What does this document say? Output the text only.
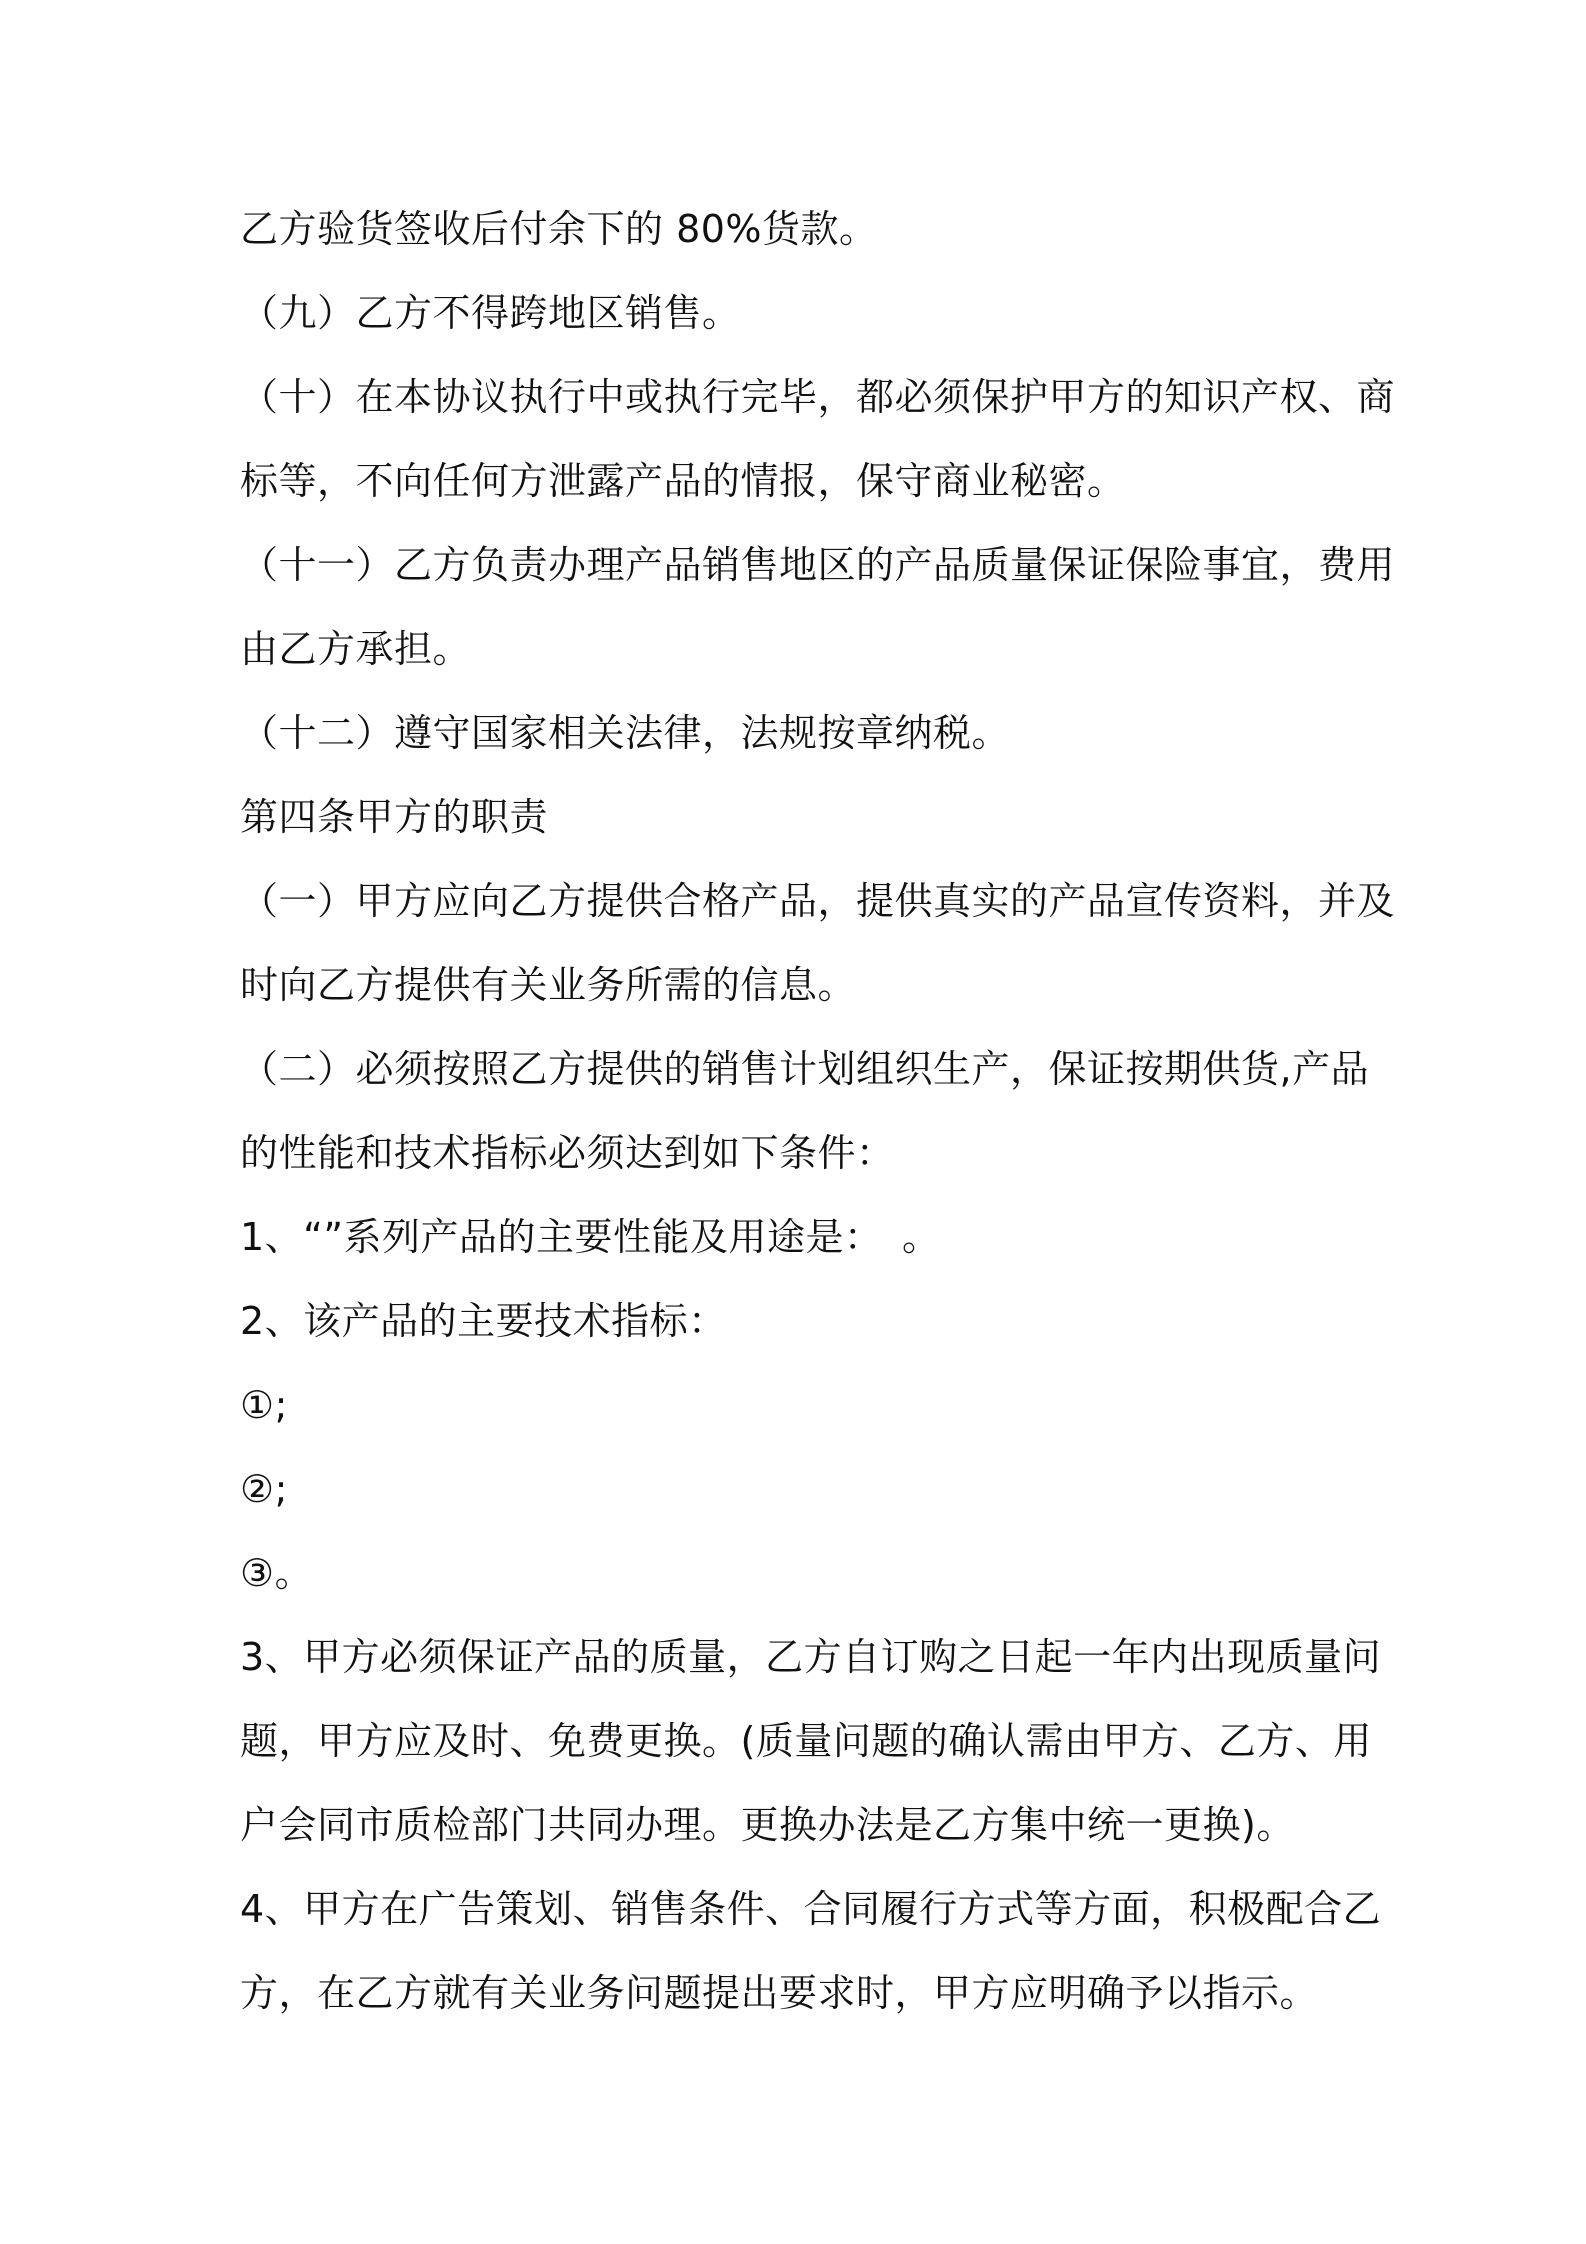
乙方验货签收后付余下的 80%货款。
（九）乙方不得跨地区销售。
（十）在本协议执行中或执行完毕，都必须保护甲方的知识产权、商
标等，不向任何方泄露产品的情报，保守商业秘密。
（十一）乙方负责办理产品销售地区的产品质量保证保险事宜，费用
由乙方承担。
（十二）遵守国家相关法律，法规按章纳税。
第四条甲方的职责
（一）甲方应向乙方提供合格产品，提供真实的产品宣传资料，并及
时向乙方提供有关业务所需的信息。
（二）必须按照乙方提供的销售计划组织生产，保证按期供货,产品
的性能和技术指标必须达到如下条件：
1、“”系列产品的主要性能及用途是：　。
2、该产品的主要技术指标：
①;
②;
③。
3、甲方必须保证产品的质量，乙方自订购之日起一年内出现质量问
题，甲方应及时、免费更换。(质量问题的确认需由甲方、乙方、用
户会同市质检部门共同办理。更换办法是乙方集中统一更换)。
4、甲方在广告策划、销售条件、合同履行方式等方面，积极配合乙
方，在乙方就有关业务问题提出要求时，甲方应明确予以指示。
